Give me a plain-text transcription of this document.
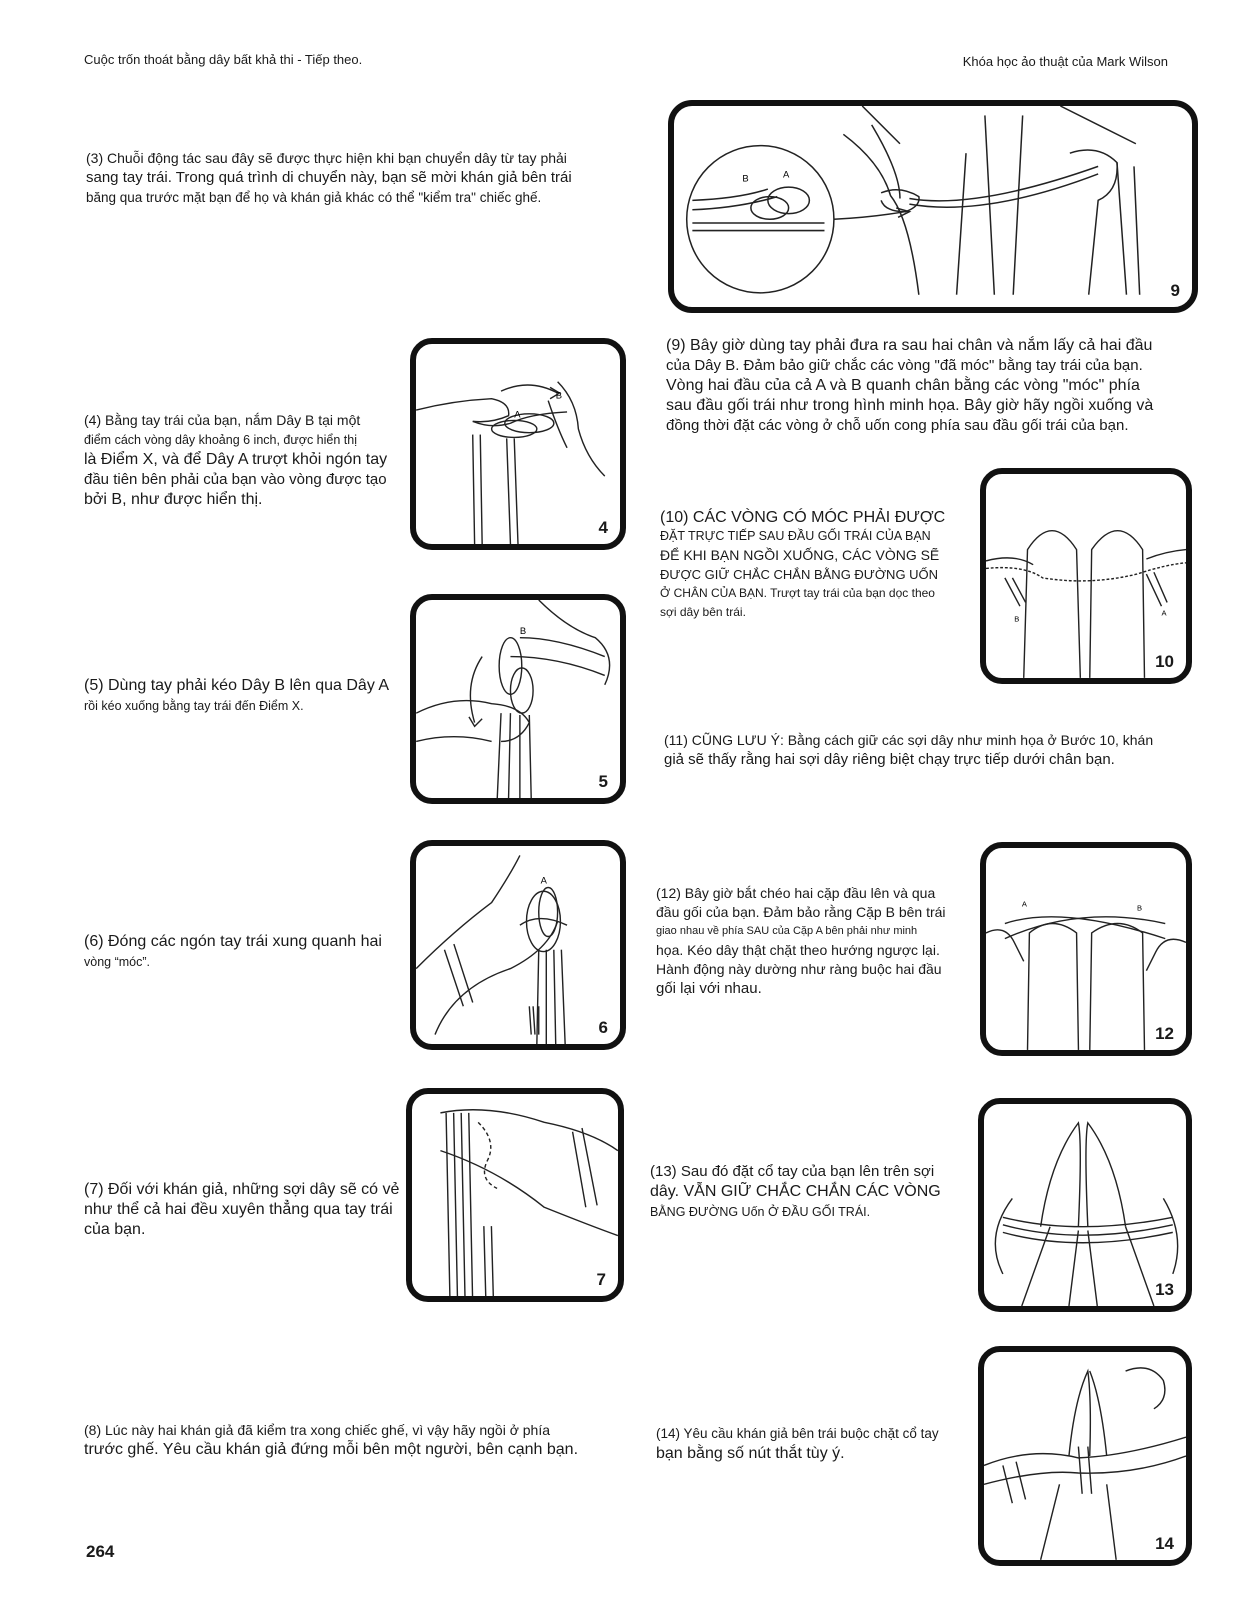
Cuộc trốn thoát bằng dây bất khả thi - Tiếp theo.	Khóa học ảo thuật của Mark Wilson
B	A
9
(3) Chuỗi động tác sau đây sẽ được thực hiện khi bạn chuyển dây từ tay phải
sang tay trái. Trong quá trình di chuyển này, bạn sẽ mời khán giả bên trái
băng qua trước mặt bạn để họ và khán giả khác có thể "kiểm tra" chiếc ghế.
A
B
4
(4) Bằng tay trái của bạn, nắm Dây B tại một
điểm cách vòng dây khoảng 6 inch, được hiển thị
là Điểm X, và để Dây A trượt khỏi ngón tay
đầu tiên bên phải của bạn vào vòng được tạo
bởi B, như được hiển thị.
B
5
(5) Dùng tay phải kéo Dây B lên qua Dây A
rồi kéo xuống bằng tay trái đến Điểm X.
A
6
(6) Đóng các ngón tay trái xung quanh hai
vòng “móc”.
7
(7) Đối với khán giả, những sợi dây sẽ có vẻ
như thể cả hai đều xuyên thẳng qua tay trái
của bạn.
(8) Lúc này hai khán giả đã kiểm tra xong chiếc ghế, vì vậy hãy ngồi ở phía
trước ghế. Yêu cầu khán giả đứng mỗi bên một người, bên cạnh bạn.
(9) Bây giờ dùng tay phải đưa ra sau hai chân và nắm lấy cả hai đầu
của Dây B. Đảm bảo giữ chắc các vòng "đã móc" bằng tay trái của bạn.
Vòng hai đầu của cả A và B quanh chân bằng các vòng "móc" phía
sau đầu gối trái như trong hình minh họa. Bây giờ hãy ngồi xuống và
đồng thời đặt các vòng ở chỗ uốn cong phía sau đầu gối trái của bạn.
B
A
10
(10) CÁC VÒNG CÓ MÓC PHẢI ĐƯỢC
ĐẶT TRỰC TIẾP SAU ĐẦU GỐI TRÁI CỦA BẠN
ĐỂ KHI BẠN NGỒI XUỐNG, CÁC VÒNG SẼ
ĐƯỢC GIỮ CHẮC CHẮN BẰNG ĐƯỜNG UỐN
Ở CHÂN CỦA BẠN. Trượt tay trái của bạn dọc theo
sợi dây bên trái.
(11) CŨNG LƯU Ý: Bằng cách giữ các sợi dây như minh họa ở Bước 10, khán
giả sẽ thấy rằng hai sợi dây riêng biệt chạy trực tiếp dưới chân bạn.
A	B
12
(12) Bây giờ bắt chéo hai cặp đầu lên và qua
đầu gối của bạn. Đảm bảo rằng Cặp B bên trái
giao nhau về phía SAU của Cặp A bên phải như minh
họa. Kéo dây thật chặt theo hướng ngược lại.
Hành động này dường như ràng buộc hai đầu
gối lại với nhau.
13
(13) Sau đó đặt cổ tay của bạn lên trên sợi
dây. VẪN GIỮ CHẮC CHẮN CÁC VÒNG
BẰNG ĐƯỜNG Uốn Ở ĐẦU GỐI TRÁI.
14
(14) Yêu cầu khán giả bên trái buộc chặt cổ tay
bạn bằng số nút thắt tùy ý.
264
